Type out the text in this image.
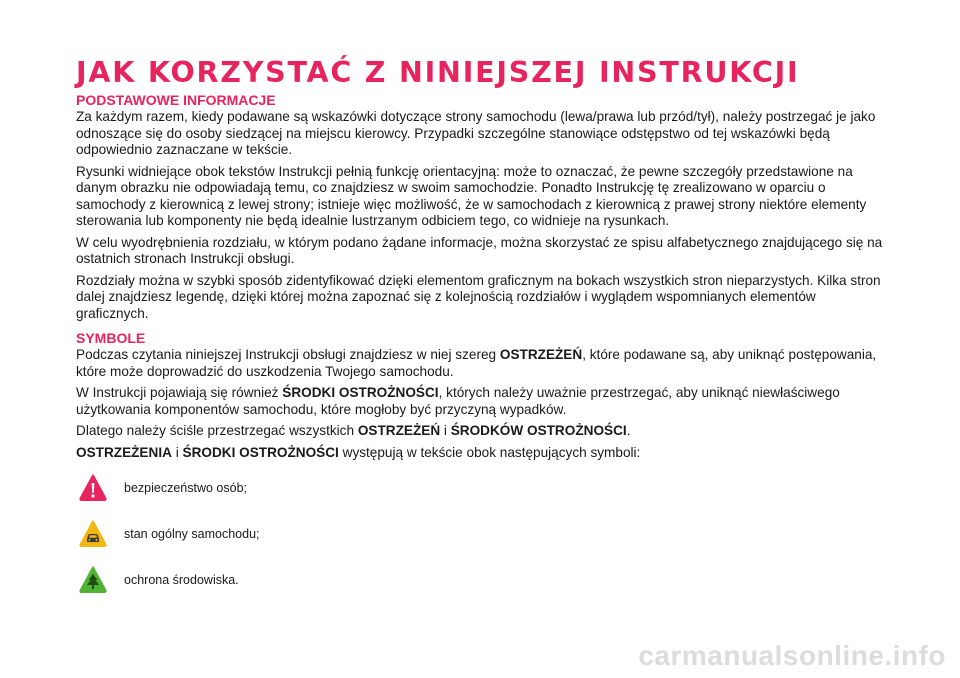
JAK KORZYSTAĆ Z NINIEJSZEJ INSTRUKCJI
PODSTAWOWE INFORMACJE

Za każdym razem, kiedy podawane są wskazówki dotyczące strony samochodu (lewa/prawa lub przód/tył), należy postrzegać je jako odnoszące się do osoby siedzącej na miejscu kierowcy. Przypadki szczególne stanowiące odstępstwo od tej wskazówki będą odpowiednio zaznaczane w tekście.

Rysunki widniejące obok tekstów Instrukcji pełnią funkcję orientacyjną: może to oznaczać, że pewne szczegóły przedstawione na danym obrazku nie odpowiadają temu, co znajdziesz w swoim samochodzie. Ponadto Instrukcję tę zrealizowano w oparciu o samochody z kierownicą z lewej strony; istnieje więc możliwość, że w samochodach z kierownicą z prawej strony niektóre elementy sterowania lub komponenty nie będą idealnie lustrzanym odbiciem tego, co widnieje na rysunkach.

W celu wyodrębnienia rozdziału, w którym podano żądane informacje, można skorzystać ze spisu alfabetycznego znajdującego się na ostatnich stronach Instrukcji obsługi.

Rozdziały można w szybki sposób zidentyfikować dzięki elementom graficznym na bokach wszystkich stron nieparzystych. Kilka stron dalej znajdziesz legendę, dzięki której można zapoznać się z kolejnością rozdziałów i wyglądem wspomnianych elementów graficznych.

SYMBOLE

Podczas czytania niniejszej Instrukcji obsługi znajdziesz w niej szereg OSTRZEŻEŃ, które podawane są, aby uniknąć postępowania, które może doprowadzić do uszkodzenia Twojego samochodu.

W Instrukcji pojawiają się również ŚRODKI OSTROŻNOŚCI, których należy uważnie przestrzegać, aby uniknąć niewłaściwego użytkowania komponentów samochodu, które mogłoby być przyczyną wypadków.

Dlatego należy ściśle przestrzegać wszystkich OSTRZEŻEŃ i ŚRODKÓW OSTROŻNOŚCI.

OSTRZEŻENIA i ŚRODKI OSTROŻNOŚCI występują w tekście obok następujących symboli:

bezpieczeństwo osób;
stan ogólny samochodu;
ochrona środowiska.
carmanualsonline.info
